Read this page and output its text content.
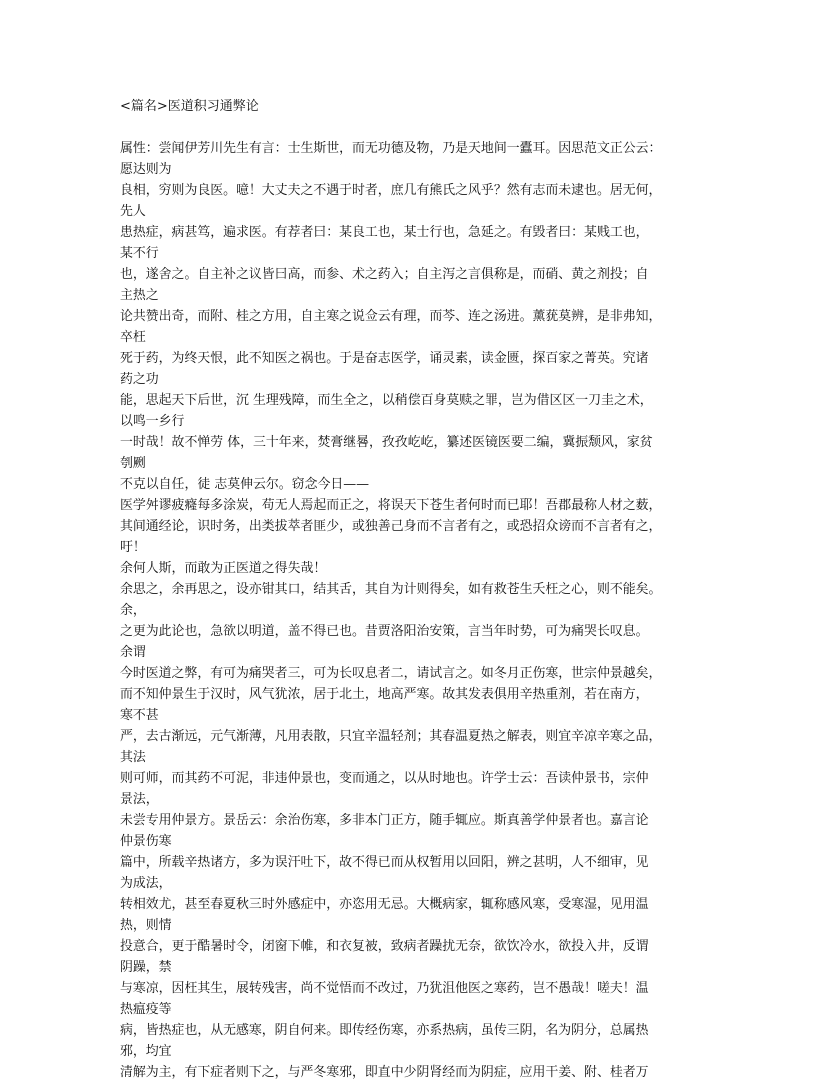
<篇名>医道积习通弊论
属性：尝闻伊芳川先生有言：士生斯世，而无功德及物，乃是天地间一蠹耳。因思范文正公云：
愿达则为
良相，穷则为良医。噫！大丈夫之不遇于时者，庶几有熊氏之风乎？然有志而未逮也。居无何，
先人
患热症，病甚笃，遍求医。有荐者曰：某良工也，某士行也，急延之。有毁者曰：某贱工也，
某不行
也，遂舍之。自主补之议皆曰高，而参、术之药入；自主泻之言俱称是，而硝、黄之剂投；自
主热之
论共赞出奇，而附、桂之方用，自主寒之说佥云有理，而芩、连之汤进。薰莸莫辨，是非弗知，
卒枉
死于药，为终天恨，此不知医之祸也。于是奋志医学，诵灵素，读金匮，探百家之菁英。究诸
药之功
能，思起天下后世，沉 生理残障，而生全之，以稍偿百身莫赎之罪，岂为借区区一刀圭之术，
以鸣一乡行
一时哉！故不惮劳 体，三十年来，焚膏继晷，孜孜屹屹，纂述医镜医要二编，冀振颓风，家贫
刳劂
不克以自任，徒 志莫伸云尔。窃念今日——
医学舛谬疲癃每多涂炭，苟无人焉起而正之，将误天下苍生者何时而已耶！吾郡最称人材之薮，
其间通经论，识时务，出类拔萃者匪少，或独善己身而不言者有之，或恐招众谤而不言者有之，
吁！
余何人斯，而敢为正医道之得失哉！
余思之，余再思之，设亦钳其口，结其舌，其自为计则得矣，如有救苍生夭枉之心，则不能矣。
余，
之更为此论也，急欲以明道，盖不得已也。昔贾洛阳治安策，言当年时势，可为痛哭长叹息。
余谓
今时医道之弊，有可为痛哭者三，可为长叹息者二，请试言之。如冬月正伤寒，世宗仲景越矣，
而不知仲景生于汉时，风气犹浓，居于北土，地高严寒。故其发表俱用辛热重剂，若在南方，
寒不甚
严，去古渐远，元气渐薄，凡用表散，只宜辛温轻剂；其春温夏热之解表，则宜辛凉辛寒之品，
其法
则可师，而其药不可泥，非违仲景也，变而通之，以从时地也。许学士云：吾读仲景书，宗仲
景法，
未尝专用仲景方。景岳云：余治伤寒，多非本门正方，随手辄应。斯真善学仲景者也。嘉言论
仲景伤寒
篇中，所载辛热诸方，多为误汗吐下，故不得已而从权暂用以回阳，辨之甚明，人不细审，见
为成法，
转相效尤，甚至春夏秋三时外感症中，亦恣用无忌。大概病家，辄称感风寒，受寒湿，见用温
热，则情
投意合，更于酷暑时令，闭窗下帷，和衣复被，致病者躁扰无奈，欲饮冷水，欲投入井，反谓
阴躁，禁
与寒凉，因枉其生，展转残害，尚不觉悟而不改过，乃犹沮他医之寒药，岂不愚哉！嗟夫！温
热瘟疫等
病，皆热症也，从无感寒，阴自何来。即传经伤寒，亦系热病，虽传三阴，名为阴分，总属热
邪，均宜
清解为主，有下症者则下之，与严冬寒邪，即直中少阴肾经而为阴症，应用干姜、附、桂者万
